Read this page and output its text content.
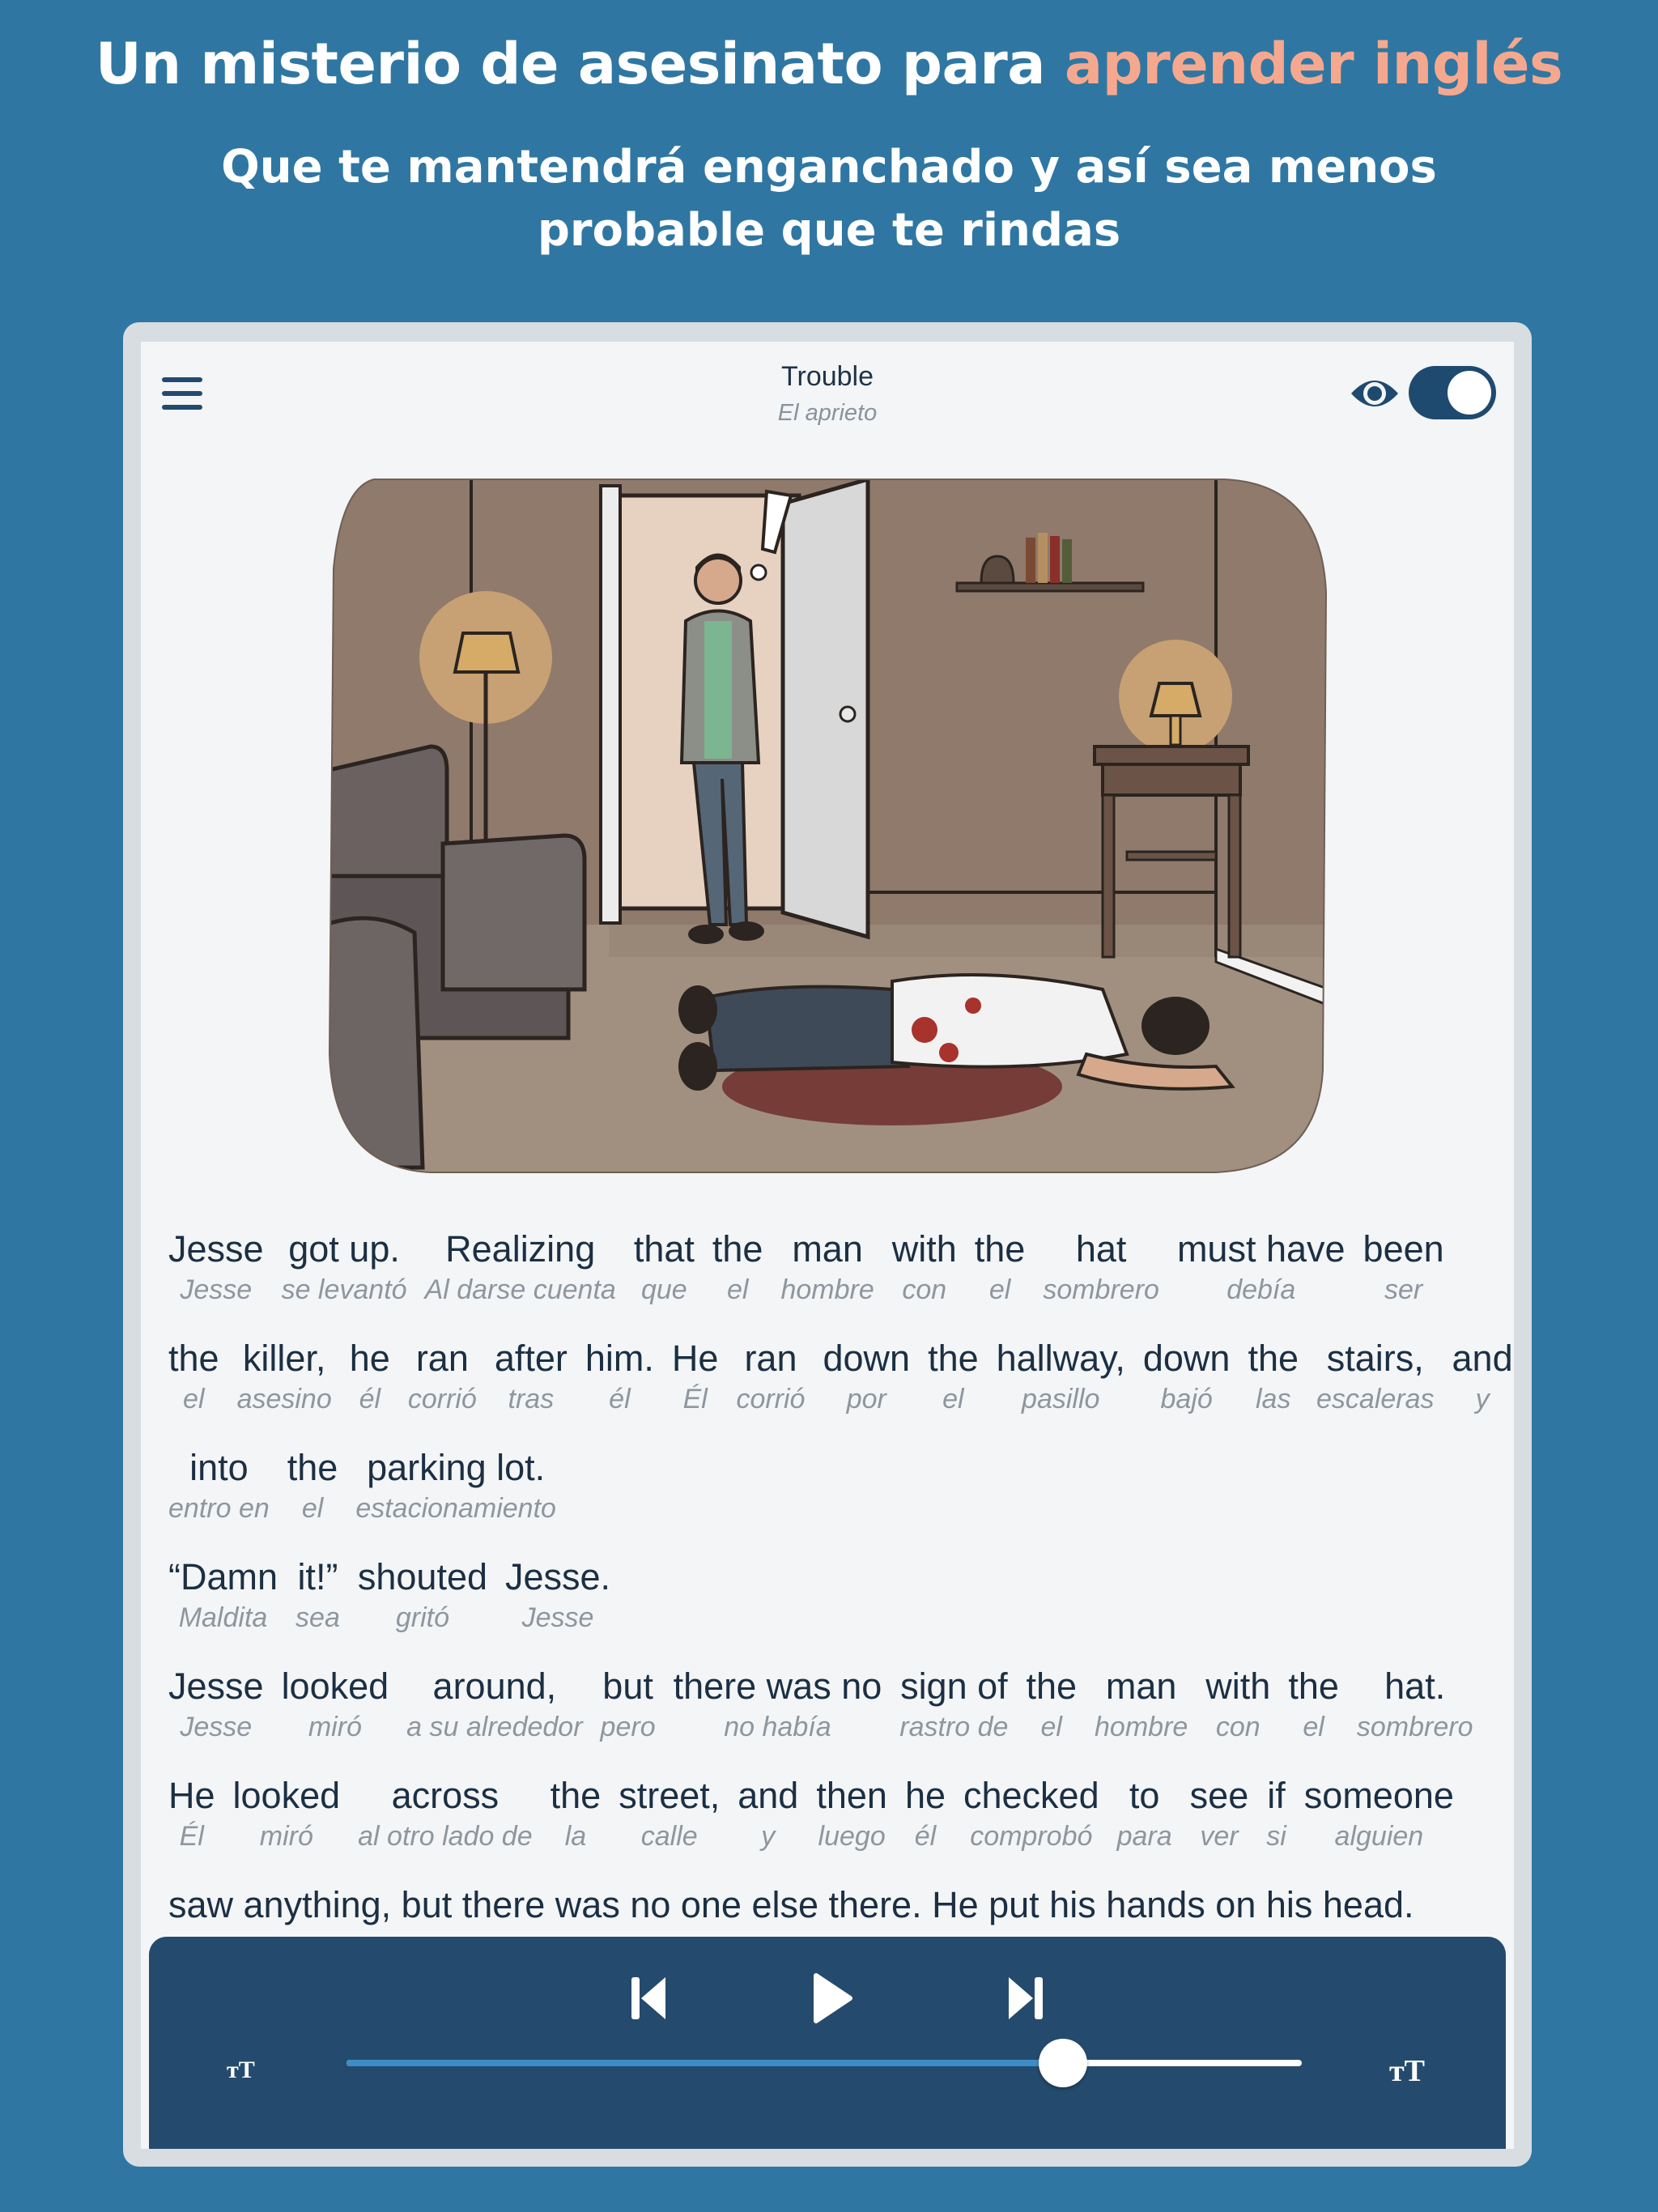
Un misterio de asesinato para aprender inglés
Que te mantendrá enganchado y así sea menos
probable que te rindas
Trouble
El aprieto
Jesse
Jesse
got up.
se levantó
Realizing
Al darse cuenta
that
que
the
el
man
hombre
with
con
the
el
hat
sombrero
must have
debía
been
ser
the
el
killer,
asesino
he
él
ran
corrió
after
tras
him.
él
He
Él
ran
corrió
down
por
the
el
hallway,
pasillo
down
bajó
the
las
stairs,
escaleras
and
y
into
entro en
the
el
parking lot.
estacionamiento
“Damn
Maldita
it!”
sea
shouted
gritó
Jesse.
Jesse
Jesse
Jesse
looked
miró
around,
a su alrededor
but
pero
there was no
no había
sign of
rastro de
the
el
man
hombre
with
con
the
el
hat.
sombrero
He
Él
looked
miró
across
al otro lado de
the
la
street,
calle
and
y
then
luego
he
él
checked
comprobó
to
para
see
ver
if
si
someone
alguien
saw anything, but there was no one else there. He put his hands on his head.
ᴛT	ᴛT
